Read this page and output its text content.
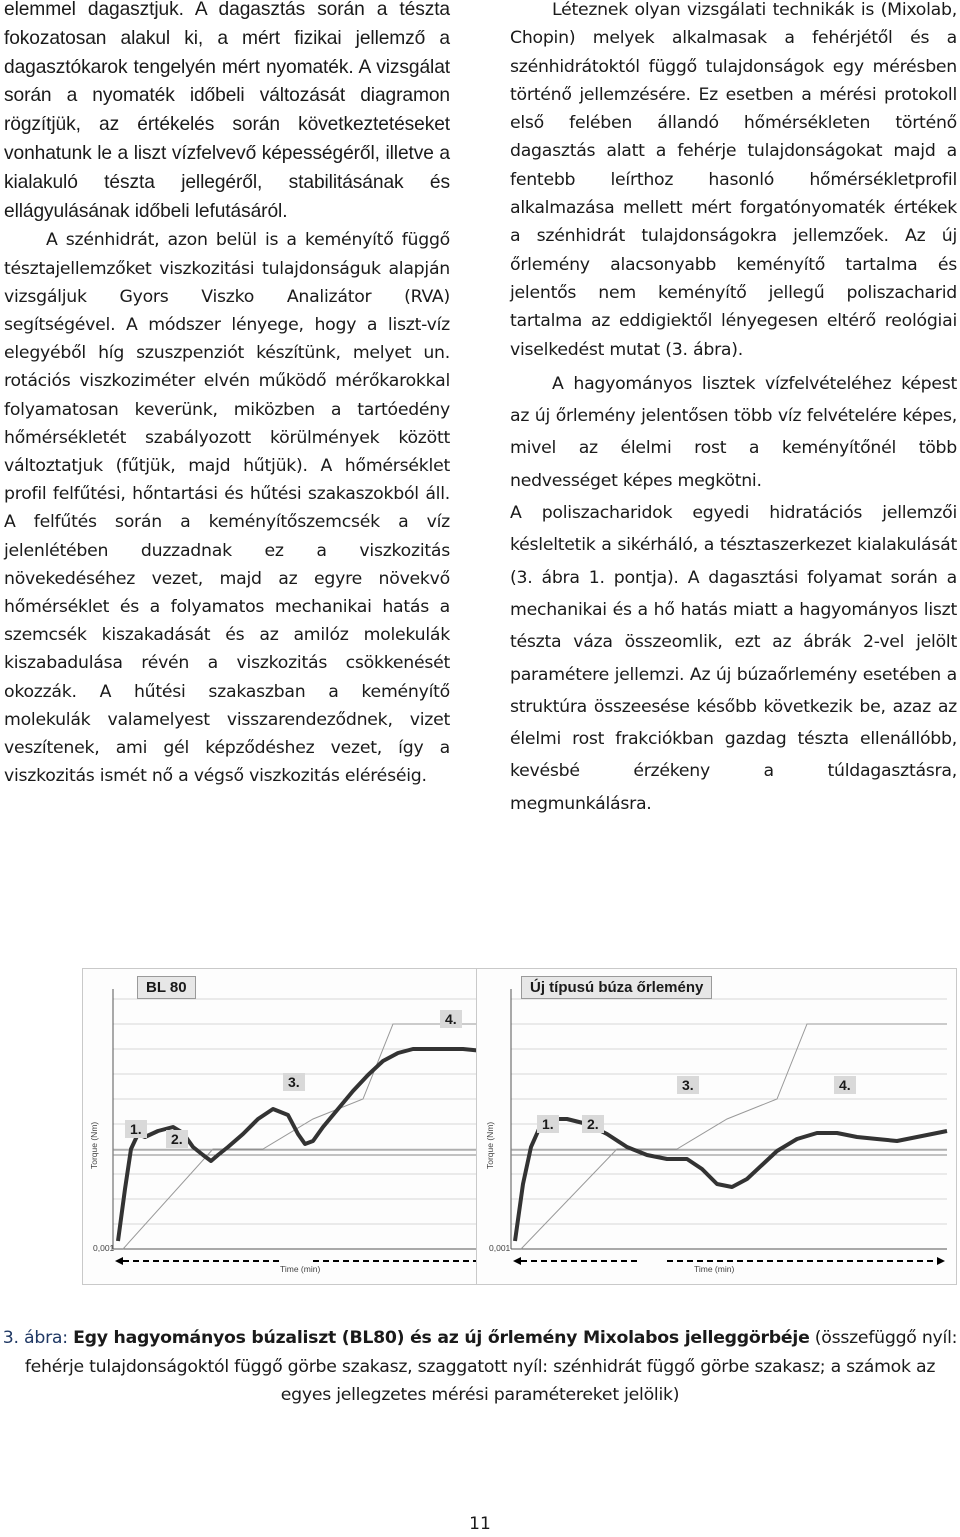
elemmel dagasztjuk. A dagasztás során a tészta fokozatosan alakul ki, a mért fizikai jellemző a dagasztókarok tengelyén mért nyomaték. A vizsgálat során a nyomaték időbeli változását diagramon rögzítjük, az értékelés során következtetéseket vonhatunk le a liszt vízfelvevő képességéről, illetve a kialakuló tészta jellegéről, stabilitásának és ellágyulásának időbeli lefutásáról.

A szénhidrát, azon belül is a keményítő függő tésztajellemzőket viszkozitási tulajdonságuk alapján vizsgáljuk Gyors Viszko Analizátor (RVA) segítségével. A módszer lényege, hogy a liszt-víz elegyéből híg szuszpenziót készítünk, melyet un. rotációs viszkoziméter elvén működő mérőkarokkal folyamatosan keverünk, miközben a tartóedény hőmérsékletét szabályozott körülmények között változtatjuk (fűtjük, majd hűtjük). A hőmérséklet profil felfűtési, hőntartási és hűtési szakaszokból áll. A felfűtés során a keményítőszemcsék a víz jelenlétében duzzadnak ez a viszkozitás növekedéséhez vezet, majd az egyre növekvő hőmérséklet és a folyamatos mechanikai hatás a szemcsék kiszakadását és az amilóz molekulák kiszabadulása révén a viszkozitás csökkenését okozzák. A hűtési szakaszban a keményítő molekulák valamelyest visszarendeződnek, vizet veszítenek, ami gél képződéshez vezet, így a viszkozitás ismét nő a végső viszkozitás eléréséig.

Léteznek olyan vizsgálati technikák is (Mixolab, Chopin) melyek alkalmasak a fehérjétől és a szénhidrátoktól függő tulajdonságok egy mérésben történő jellemzésére. Ez esetben a mérési protokoll első felében állandó hőmérsékleten történő dagasztás alatt a fehérje tulajdonságokat majd a fentebb leírthoz hasonló hőmérsékletprofil alkalmazása mellett mért forgatónyomaték értékek a szénhidrát tulajdonságokra jellemzőek. Az új őrlemény alacsonyabb keményítő tartalma és jelentős nem keményítő jellegű poliszacharid tartalma az eddigiektől lényegesen eltérő reológiai viselkedést mutat (3. ábra).

A hagyományos lisztek vízfelvételéhez képest az új őrlemény jelentősen több víz felvételére képes, mivel az élelmi rost a keményítőnél több nedvességet képes megkötni.

A poliszacharidok egyedi hidratációs jellemzői késleltetik a sikérháló, a tésztaszerkezet kialakulását (3. ábra 1. pontja). A dagasztási folyamat során a mechanikai és a hő hatás miatt a hagyományos liszt tészta váza összeomlik, ezt az ábrák 2-vel jelölt paramétere jellemzi. Az új búzaőrlemény esetében a struktúra összeesése később következik be, azaz az élelmi rost frakciókban gazdag tészta ellenállóbb, kevésbé érzékeny a túldagasztásra, megmunkálásra.

BL 80
1.
2.
3.
4.
Torque (Nm)
Time (min)
0,001
Új típusú búza őrlemény
1.	2.
3.	4.
Torque (Nm)
Time (min)
0,001
3. ábra: Egy hagyományos búzaliszt (BL80) és az új őrlemény Mixolabos jelleggörbéje (összefüggő nyíl: fehérje tulajdonságoktól függő görbe szakasz, szaggatott nyíl: szénhidrát függő görbe szakasz; a számok az egyes jellegzetes mérési paramétereket jelölik)
11
